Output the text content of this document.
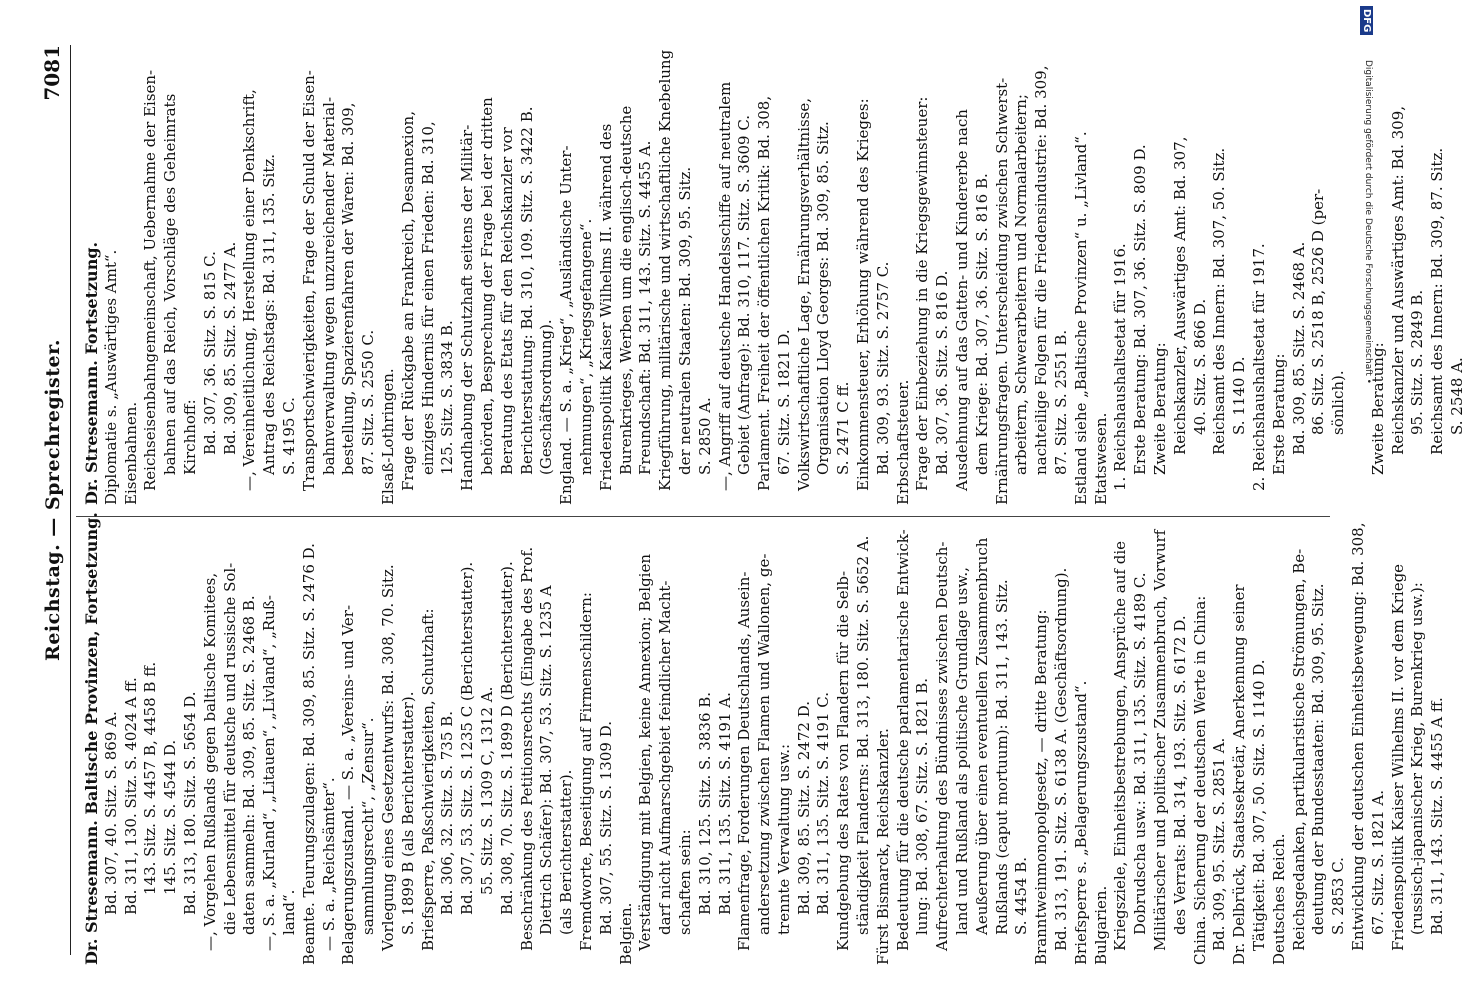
DFG
Digitalisierung gefördert durch die Deutsche Forschungsgemeinschaft •
Reichstag. — Sprechregister.
7081
Dr. Stresemann. Baltische Provinzen, Fortsetzung. Bd. 307, 40. Sitz. S. 869 A. Bd. 311, 130. Sitz. S. 4024 A ff. 143. Sitz. S. 4457 B, 4458 B ff. 145. Sitz. S. 4544 D. Bd. 313, 180. Sitz. S. 5654 D. —, Vorgehen Rußlands gegen baltische Komitees, die Lebensmittel für deutsche und russische Sol- daten sammeln: Bd. 309, 85. Sitz. S. 2468 B. —, S. a. „Kurland“, „Litauen“, „Livland“, „Ruß- land“. Beamte. Teurungszulagen: Bd. 309, 85. Sitz. S. 2476 D. — S. a. „Reichsämter“. Belagerungszustand. — S. a. „Vereins- und Ver- sammlungsrecht“, „Zensur“. Vorlegung eines Gesetzentwurfs: Bd. 308, 70. Sitz. S. 1899 B (als Berichterstatter). Briefsperre, Paßschwierigkeiten, Schutzhaft: Bd. 306, 32. Sitz. S. 735 B. Bd. 307, 53. Sitz. S. 1235 C (Berichterstatter). 55. Sitz. S. 1309 C, 1312 A. Bd. 308, 70. Sitz. S. 1899 D (Berichterstatter). Beschränkung des Petitionsrechts (Eingabe des Prof. Dietrich Schäfer): Bd. 307, 53. Sitz. S. 1235 A (als Berichterstatter). Fremdworte, Beseitigung auf Firmenschildern: Bd. 307, 55. Sitz. S. 1309 D. Belgien. Verständigung mit Belgien, keine Annexion; Belgien darf nicht Aufmarschgebiet feindlicher Macht- schaften sein: Bd. 310, 125. Sitz. S. 3836 B. Bd. 311, 135. Sitz. S. 4191 A. Flamenfrage, Forderungen Deutschlands, Ausein- andersetzung zwischen Flamen und Wallonen, ge- trennte Verwaltung usw.: Bd. 309, 85. Sitz. S. 2472 D. Bd. 311, 135. Sitz. S. 4191 C. Kundgebung des Rates von Flandern für die Selb- ständigkeit Flanderns: Bd. 313, 180. Sitz. S. 5652 A. Fürst Bismarck, Reichskanzler. Bedeutung für die deutsche parlamentarische Entwick- lung: Bd. 308, 67. Sitz. S. 1821 B. Aufrechterhaltung des Bündnisses zwischen Deutsch- land und Rußland als politische Grundlage usw., Aeußerung über einen eventuellen Zusammenbruch Rußlands (caput mortuum): Bd. 311, 143. Sitz. S. 4454 B. Branntweinmonopolgesetz, — dritte Beratung: Bd. 313, 191. Sitz. S. 6138 A. (Geschäftsordnung). Briefsperre s. „Belagerungszustand“. Bulgarien. Kriegsziele, Einheitsbestrebungen, Ansprüche auf die Dobrudscha usw.: Bd. 311, 135. Sitz. S. 4189 C. Militärischer und politischer Zusammenbruch, Vorwurf des Verrats: Bd. 314, 193. Sitz. S. 6172 D. China. Sicherung der deutschen Werte in China: Bd. 309, 95. Sitz. S. 2851 A. Dr. Delbrück, Staatssekretär, Anerkennung seiner Tätigkeit: Bd. 307, 50. Sitz. S. 1140 D. Deutsches Reich. Reichsgedanken, partikularistische Strömungen, Be- deutung der Bundesstaaten: Bd. 309, 95. Sitz. S. 2853 C. Entwicklung der deutschen Einheitsbewegung: Bd. 308, 67. Sitz. S. 1821 A. Friedenspolitik Kaiser Wilhelms II. vor dem Kriege (russisch-japanischer Krieg, Burenkrieg usw.): Bd. 311, 143. Sitz. S. 4455 A ff.
Dr. Stresemann. Fortsetzung. Diplomatie s. „Auswärtiges Amt“. Eisenbahnen. Reichseisenbahngemeinschaft, Uebernahme der Eisen- bahnen auf das Reich, Vorschläge des Geheimrats Kirchhoff: Bd. 307, 36. Sitz. S. 815 C. Bd. 309, 85. Sitz. S. 2477 A. —, Vereinheitlichung, Herstellung einer Denkschrift, Antrag des Reichstags: Bd. 311, 135. Sitz. S. 4195 C. Transportschwierigkeiten, Frage der Schuld der Eisen- bahnverwaltung wegen unzureichender Material- bestellung, Spazierenfahren der Waren: Bd. 309, 87. Sitz. S. 2550 C. Elsaß-Lothringen. Frage der Rückgabe an Frankreich, Desannexion, einziges Hindernis für einen Frieden: Bd. 310, 125. Sitz. S. 3834 B. Handhabung der Schutzhaft seitens der Militär- behörden, Besprechung der Frage bei der dritten Beratung des Etats für den Reichskanzler vor Berichterstattung: Bd. 310, 109. Sitz. S. 3422 B. (Geschäftsordnung). England. — S. a. „Krieg“, „Ausländische Unter- nehmungen“, „Kriegsgefangene“. Friedenspolitik Kaiser Wilhelms II. während des Burenkrieges, Werben um die englisch-deutsche Freundschaft: Bd. 311, 143. Sitz. S. 4455 A. Kriegführung, militärische und wirtschaftliche Knebelung der neutralen Staaten: Bd. 309, 95. Sitz. S. 2850 A. —, Angriff auf deutsche Handelsschiffe auf neutralem Gebiet (Anfrage): Bd. 310, 117. Sitz. S. 3609 C. Parlament. Freiheit der öffentlichen Kritik: Bd. 308, 67. Sitz. S. 1821 D. Volkswirtschaftliche Lage, Ernährungsverhältnisse, Organisation Lloyd Georges: Bd. 309, 85. Sitz. S. 2471 C ff. Einkommensteuer, Erhöhung während des Krieges: Bd. 309, 93. Sitz. S. 2757 C. Erbschaftsteuer. Frage der Einbeziehung in die Kriegsgewinnsteuer: Bd. 307, 36. Sitz. S. 816 D. Ausdehnung auf das Gatten- und Kindererbe nach dem Kriege: Bd. 307, 36. Sitz. S. 816 B. Ernährungsfragen. Unterscheidung zwischen Schwerst- arbeitern, Schwerarbeitern und Normalarbeitern; nachteilige Folgen für die Friedensindustrie: Bd. 309, 87. Sitz. S. 2551 B. Estland siehe „Baltische Provinzen“ u. „Livland“. Etatswesen. 1. Reichshaushaltsetat für 1916. Erste Beratung: Bd. 307, 36. Sitz. S. 809 D. Zweite Beratung: Reichskanzler, Auswärtiges Amt: Bd. 307, 40. Sitz. S. 866 D. Reichsamt des Innern: Bd. 307, 50. Sitz. S. 1140 D. 2. Reichshaushaltsetat für 1917. Erste Beratung: Bd. 309, 85. Sitz. S. 2468 A. 86. Sitz. S. 2518 B, 2526 D (per- sönlich).
Zweite Beratung: Reichskanzler und Auswärtiges Amt: Bd. 309, 95. Sitz. S. 2849 B. Reichsamt des Innern: Bd. 309, 87. Sitz. S. 2548 A.
